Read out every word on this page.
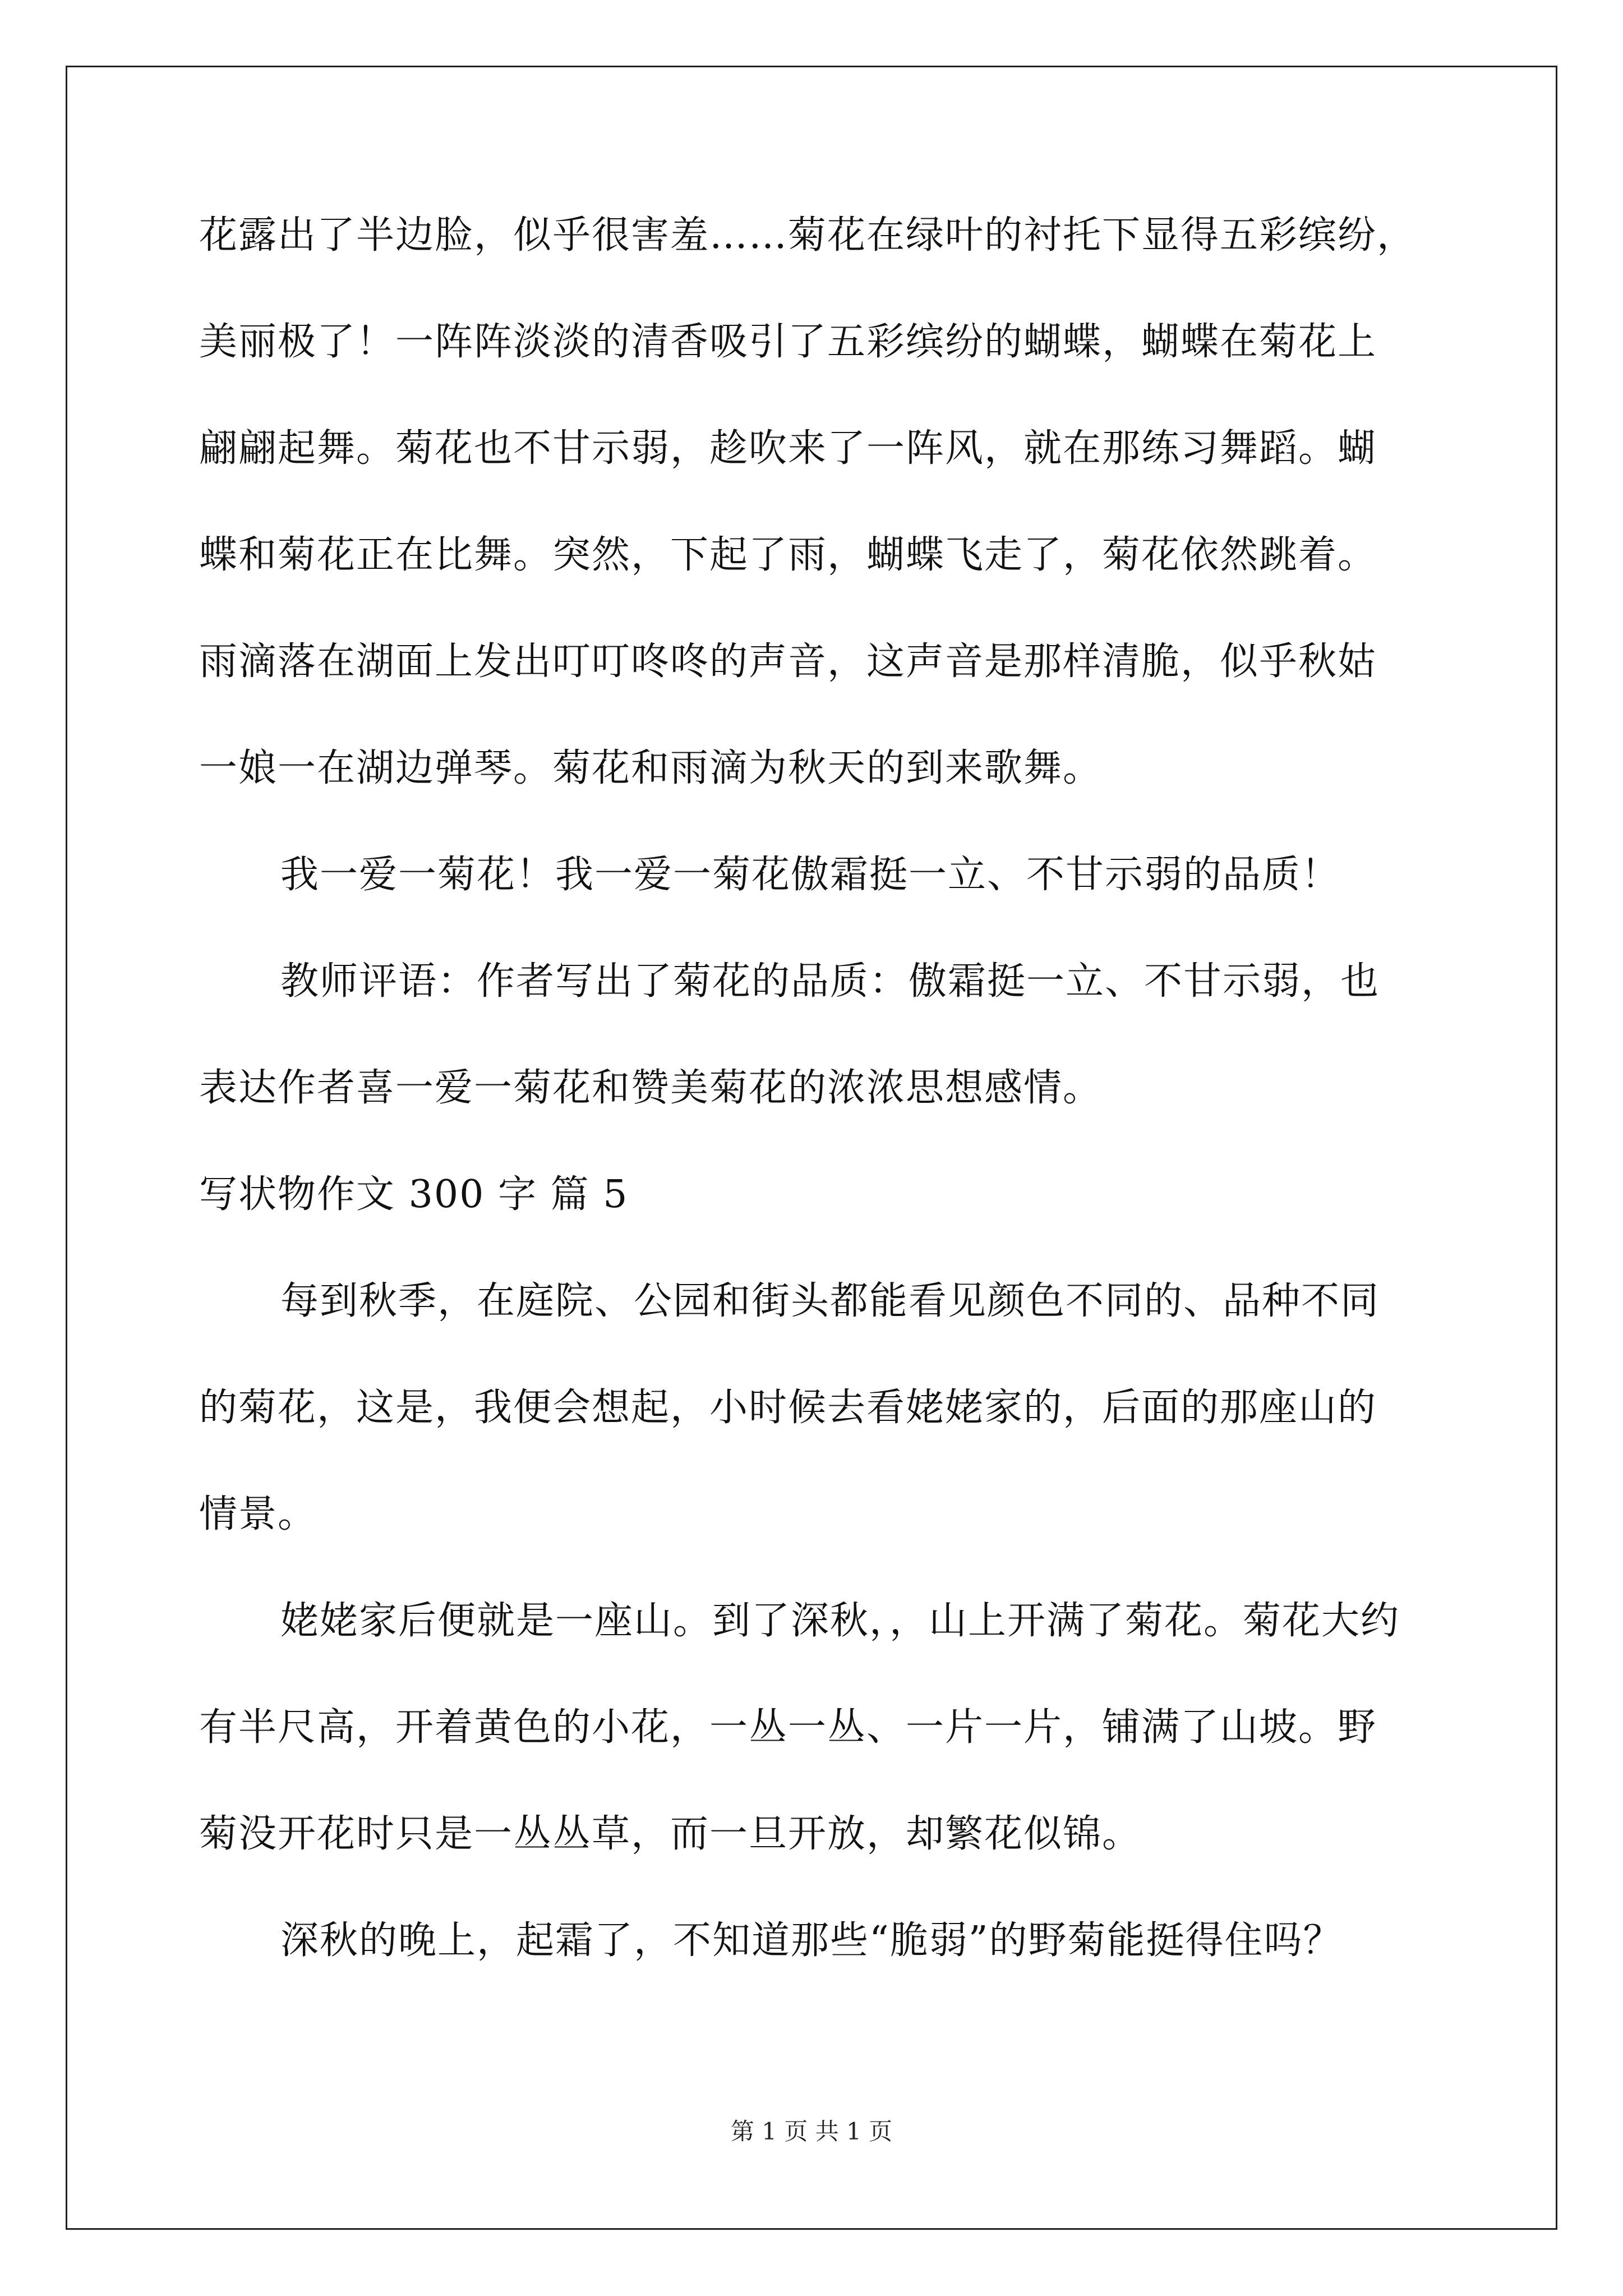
花露出了半边脸，似乎很害羞……菊花在绿叶的衬托下显得五彩缤纷，
美丽极了！一阵阵淡淡的清香吸引了五彩缤纷的蝴蝶，蝴蝶在菊花上
翩翩起舞。菊花也不甘示弱，趁吹来了一阵风，就在那练习舞蹈。蝴
蝶和菊花正在比舞。突然，下起了雨，蝴蝶飞走了，菊花依然跳着。
雨滴落在湖面上发出叮叮咚咚的声音，这声音是那样清脆，似乎秋姑
一娘一在湖边弹琴。菊花和雨滴为秋天的到来歌舞。
我一爱一菊花！我一爱一菊花傲霜挺一立、不甘示弱的品质！
教师评语：作者写出了菊花的品质：傲霜挺一立、不甘示弱，也
表达作者喜一爱一菊花和赞美菊花的浓浓思想感情。
写状物作文 300 字 篇 5
每到秋季，在庭院、公园和街头都能看见颜色不同的、品种不同
的菊花，这是，我便会想起，小时候去看姥姥家的，后面的那座山的
情景。
姥姥家后便就是一座山。到了深秋，，山上开满了菊花。菊花大约
有半尺高，开着黄色的小花，一丛一丛、一片一片，铺满了山坡。野
菊没开花时只是一丛丛草，而一旦开放，却繁花似锦。
深秋的晚上，起霜了，不知道那些“脆弱”的野菊能挺得住吗？
第 1 页 共 1 页
